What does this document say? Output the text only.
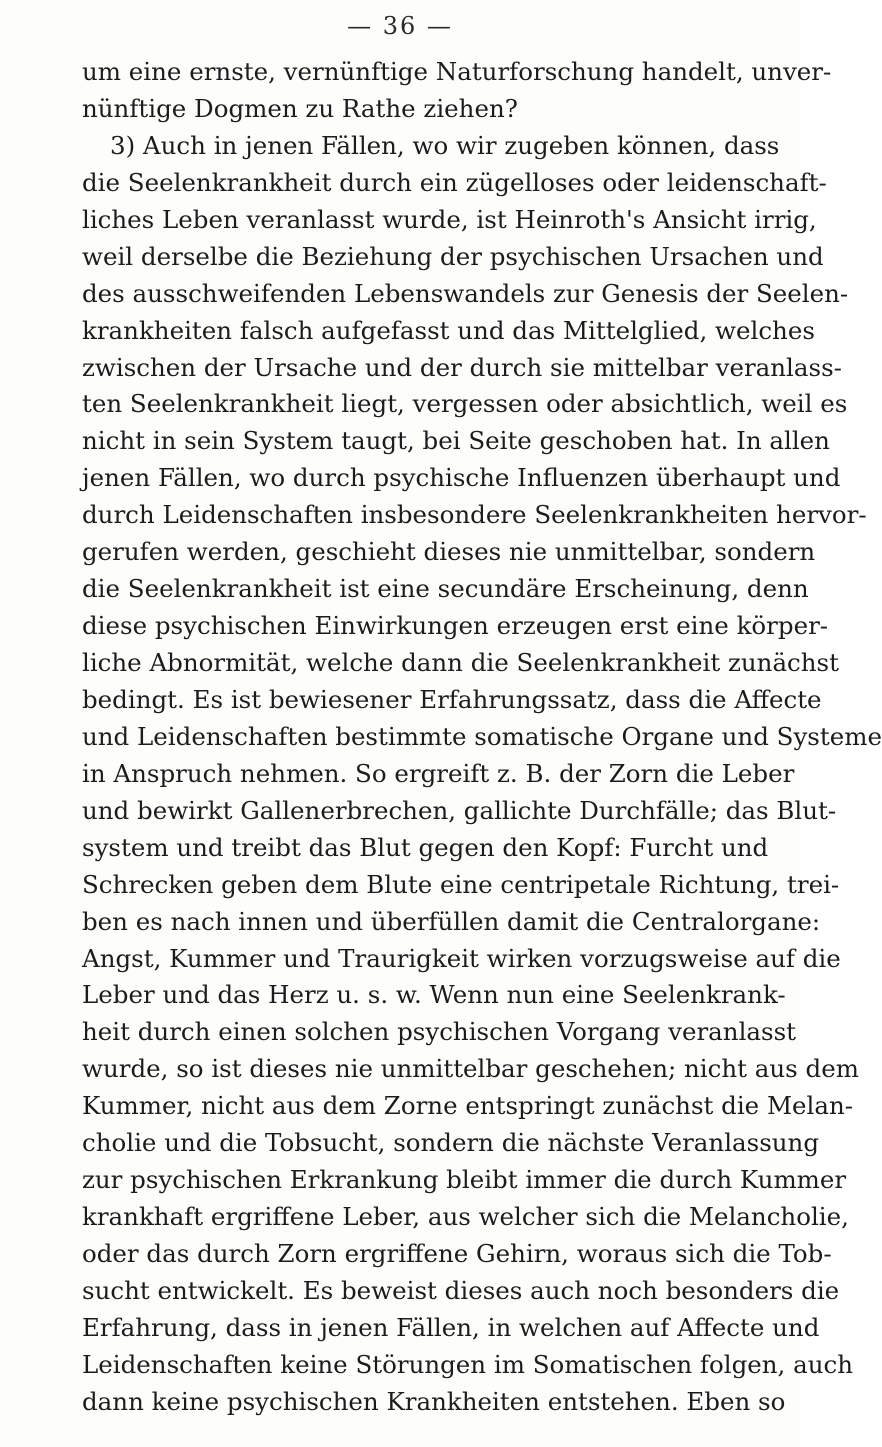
— 36 —
um eine ernste, vernünftige Naturforschung handelt, unver-
nünftige Dogmen zu Rathe ziehen?
3) Auch in jenen Fällen, wo wir zugeben können, dass
die Seelenkrankheit durch ein zügelloses oder leidenschaft-
liches Leben veranlasst wurde, ist Heinroth's Ansicht irrig,
weil derselbe die Beziehung der psychischen Ursachen und
des ausschweifenden Lebenswandels zur Genesis der Seelen-
krankheiten falsch aufgefasst und das Mittelglied, welches
zwischen der Ursache und der durch sie mittelbar veranlass-
ten Seelenkrankheit liegt, vergessen oder absichtlich, weil es
nicht in sein System taugt, bei Seite geschoben hat. In allen
jenen Fällen, wo durch psychische Influenzen überhaupt und
durch Leidenschaften insbesondere Seelenkrankheiten hervor-
gerufen werden, geschieht dieses nie unmittelbar, sondern
die Seelenkrankheit ist eine secundäre Erscheinung, denn
diese psychischen Einwirkungen erzeugen erst eine körper-
liche Abnormität, welche dann die Seelenkrankheit zunächst
bedingt. Es ist bewiesener Erfahrungssatz, dass die Affecte
und Leidenschaften bestimmte somatische Organe und Systeme
in Anspruch nehmen. So ergreift z. B. der Zorn die Leber
und bewirkt Gallenerbrechen, gallichte Durchfälle; das Blut-
system und treibt das Blut gegen den Kopf: Furcht und
Schrecken geben dem Blute eine centripetale Richtung, trei-
ben es nach innen und überfüllen damit die Centralorgane:
Angst, Kummer und Traurigkeit wirken vorzugsweise auf die
Leber und das Herz u. s. w. Wenn nun eine Seelenkrank-
heit durch einen solchen psychischen Vorgang veranlasst
wurde, so ist dieses nie unmittelbar geschehen; nicht aus dem
Kummer, nicht aus dem Zorne entspringt zunächst die Melan-
cholie und die Tobsucht, sondern die nächste Veranlassung
zur psychischen Erkrankung bleibt immer die durch Kummer
krankhaft ergriffene Leber, aus welcher sich die Melancholie,
oder das durch Zorn ergriffene Gehirn, woraus sich die Tob-
sucht entwickelt. Es beweist dieses auch noch besonders die
Erfahrung, dass in jenen Fällen, in welchen auf Affecte und
Leidenschaften keine Störungen im Somatischen folgen, auch
dann keine psychischen Krankheiten entstehen. Eben so
